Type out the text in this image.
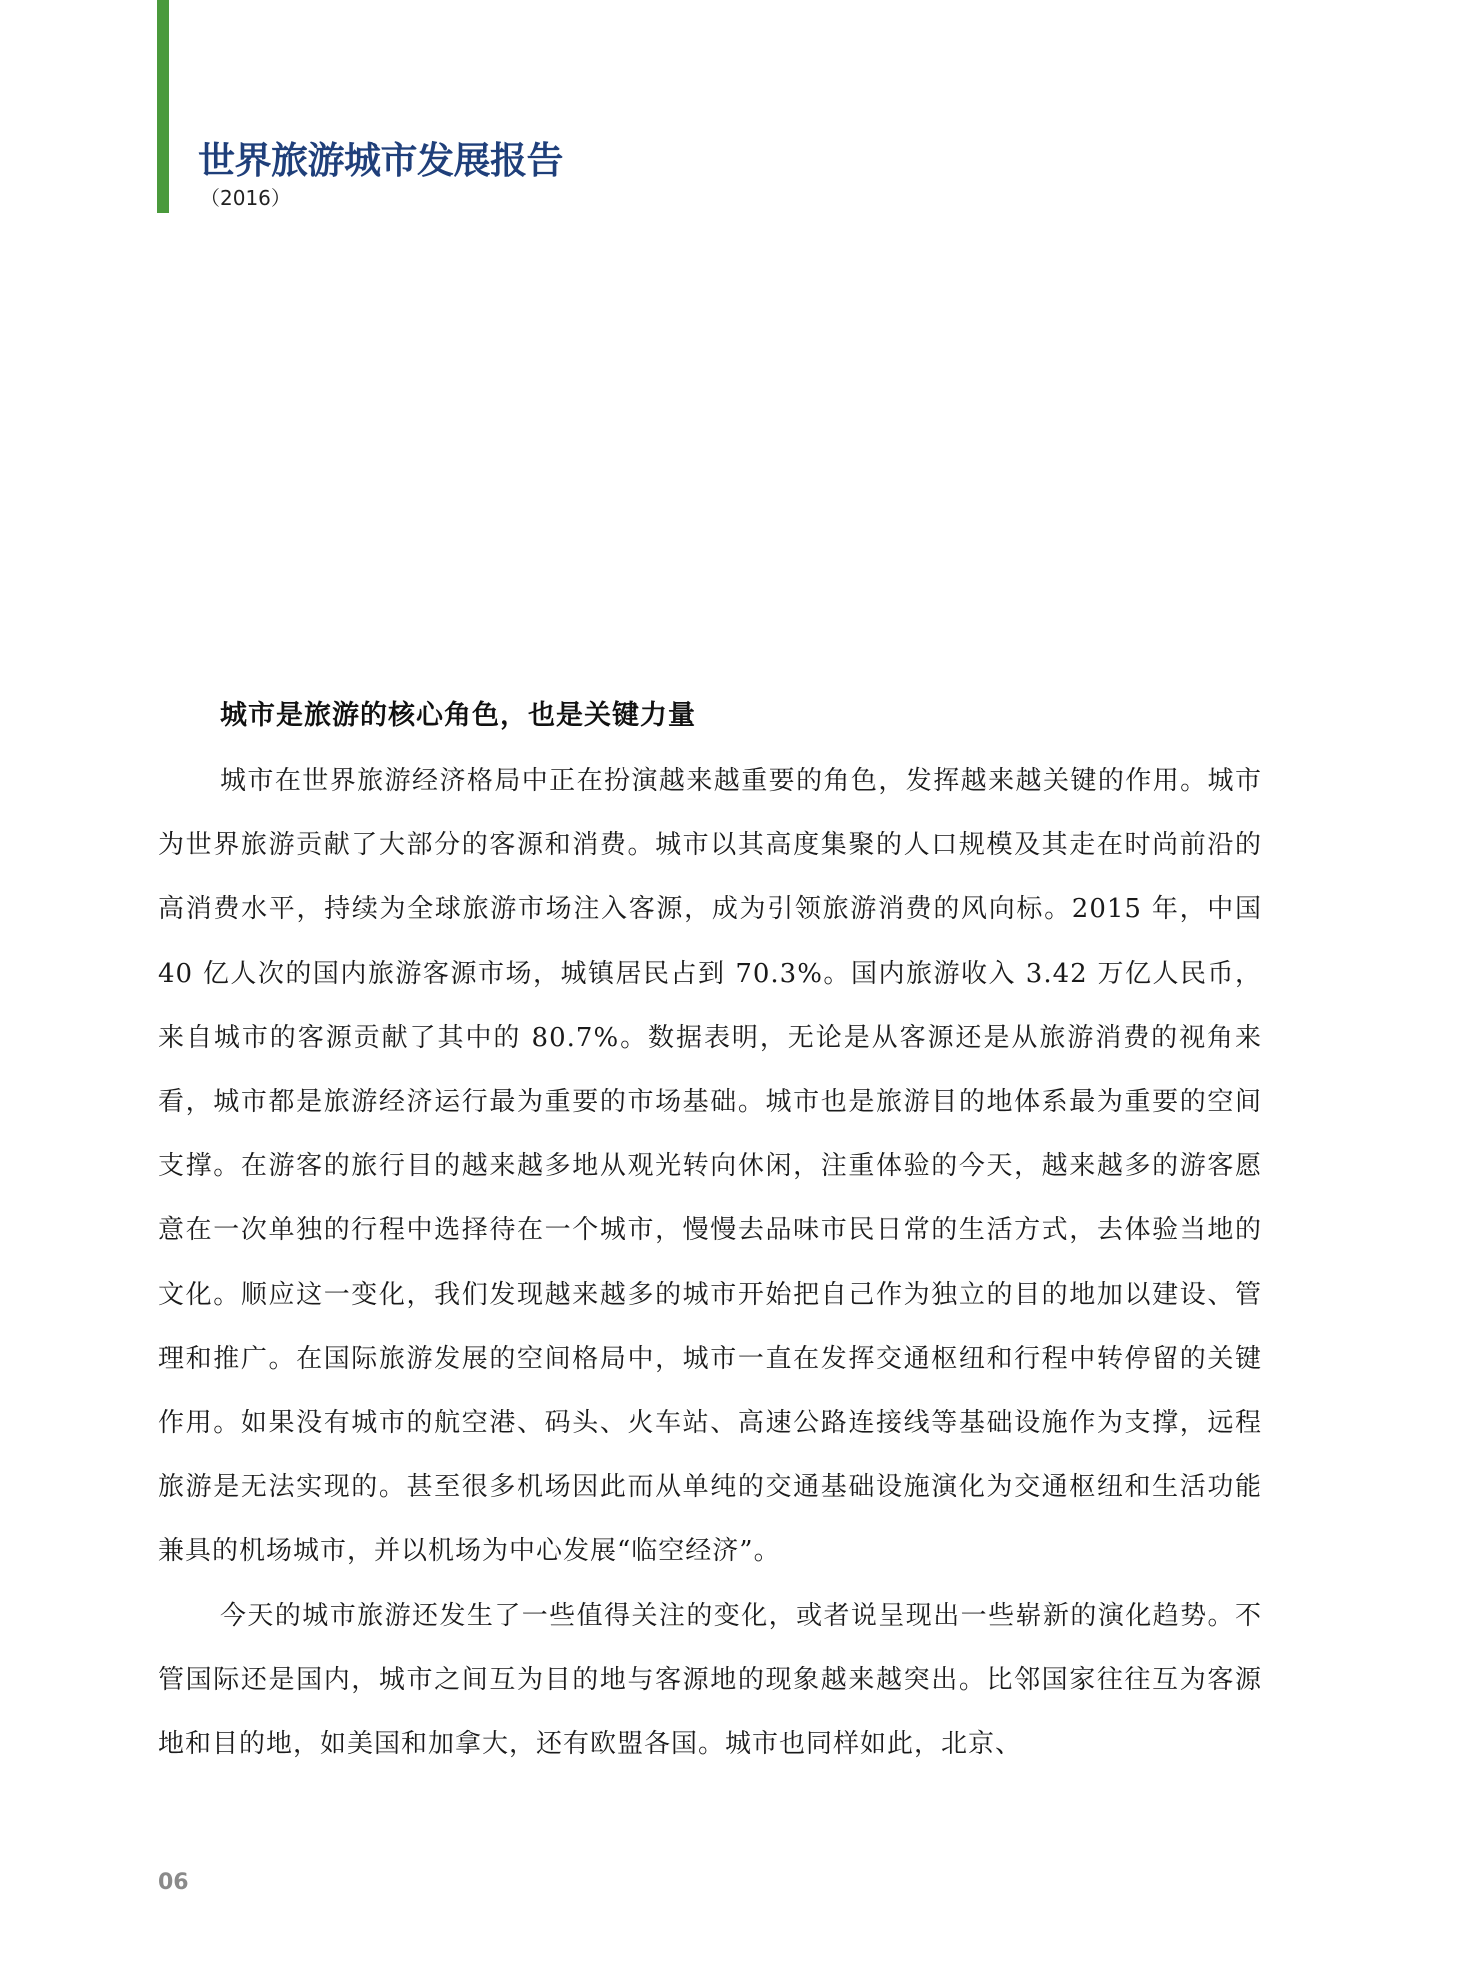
世界旅游城市发展报告
（2016）

城市是旅游的核心角色，也是关键力量

城市在世界旅游经济格局中正在扮演越来越重要的角色，发挥越来越关键的作用。城市为世界旅游贡献了大部分的客源和消费。城市以其高度集聚的人口规模及其走在时尚前沿的高消费水平，持续为全球旅游市场注入客源，成为引领旅游消费的风向标。2015 年，中国 40 亿人次的国内旅游客源市场，城镇居民占到 70.3%。国内旅游收入 3.42 万亿人民币， 来自城市的客源贡献了其中的 80.7%。数据表明，无论是从客源还是从旅游消费的视角来看，城市都是旅游经济运行最为重要的市场基础。城市也是旅游目的地体系最为重要的空间支撑。在游客的旅行目的越来越多地从观光转向休闲，注重体验的今天，越来越多的游客愿意在一次单独的行程中选择待在一个城市，慢慢去品味市民日常的生活方式，去体验当地的文化。顺应这一变化，我们发现越来越多的城市开始把自己作为独立的目的地加以建设、管理和推广。在国际旅游发展的空间格局中，城市一直在发挥交通枢纽和行程中转停留的关键作用。如果没有城市的航空港、码头、火车站、高速公路连接线等基础设施作为支撑，远程旅游是无法实现的。甚至很多机场因此而从单纯的交通基础设施演化为交通枢纽和生活功能兼具的机场城市，并以机场为中心发展“临空经济”。

今天的城市旅游还发生了一些值得关注的变化，或者说呈现出一些崭新的演化趋势。不管国际还是国内，城市之间互为目的地与客源地的现象越来越突出。比邻国家往往互为客源地和目的地，如美国和加拿大，还有欧盟各国。城市也同样如此，北京、

06
